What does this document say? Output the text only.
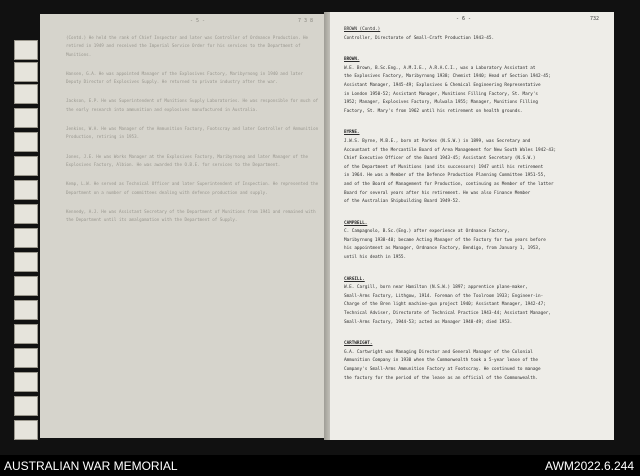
- 5 -	7 3 8

(Contd.) He held the rank of Chief Inspector and later was Controller of Ordnance Production. He retired in 1949 and received the Imperial Service Order for his services to the Department of Munitions.

Hansen, G.A. He was appointed Manager of the Explosives Factory, Maribyrnong in 1940 and later Deputy Director of Explosives Supply. He returned to private industry after the war.

Jackson, E.P. He was Superintendent of Munitions Supply Laboratories. He was responsible for much of the early research into ammunition and explosives manufactured in Australia.

Jenkins, W.A. He was Manager of the Ammunition Factory, Footscray and later Controller of Ammunition Production, retiring in 1953.

Jones, J.E. He was Works Manager at the Explosives Factory, Maribyrnong and later Manager of the Explosives Factory, Albion. He was awarded the O.B.E. for services to the Department.

Kemp, L.W. He served as Technical Officer and later Superintendent of Inspection. He represented the Department on a number of committees dealing with defence production and supply.

Kennedy, A.J. He was Assistant Secretary of the Department of Munitions from 1941 and remained with the Department until its amalgamation with the Department of Supply.

- 6 -	732
BROWN (Contd.)
Controller, Directorate of Small-Craft Production 1943-45.
BROWN.
W.E. Brown, B.Sc.Eng., A.M.I.E., A.R.A.C.I., was a Laboratory Assistant at
the Explosives Factory, Maribyrnong 1938; Chemist 1940; Head of Section 1942-45;
Assistant Manager, 1945-49; Explosives & Chemical Engineering Representative
in London 1950-52; Assistant Manager, Munitions Filling Factory, St. Mary's
1952; Manager, Explosives Factory, Mulwala 1955; Manager, Munitions Filling
Factory, St. Mary's from 1962 until his retirement on health grounds.
BYRNE.
J.W.S. Byrne, M.B.E., born at Parkes (N.S.W.) in 1899, was Secretary and
Accountant of the Mercantile Board of Area Management for New South Wales 1942-43;
Chief Executive Officer of the Board 1943-45; Assistant Secretary (N.S.W.)
of the Department of Munitions (and its successors) 1947 until his retirement
in 1964. He was a Member of the Defence Production Planning Committee 1951-55,
and of the Board of Management for Production, continuing as Member of the latter
Board for several years after his retirement. He was also Finance Member
of the Australian Shipbuilding Board 1949-52.
CAMPBELL.
C. Campagnolo, B.Sc.(Eng.) after experience at Ordnance Factory,
Maribyrnong 1938-40; became Acting Manager of the Factory for two years before
his appointment as Manager, Ordnance Factory, Bendigo, from January 1, 1953,
until his death in 1955.
CARGILL.
W.E. Cargill, born near Hamilton (N.S.W.) 1897; apprentice plane-maker,
Small-Arms Factory, Lithgow, 1914. Foreman of the Toolroom 1933; Engineer-in-
Charge of the Bren light machine-gun project 1940; Assistant Manager, 1942-47;
Technical Adviser, Directorate of Technical Practice 1943-44; Assistant Manager,
Small-Arms Factory, 1944-53; acted as Manager 1948-49; died 1953.
CARTWRIGHT.
G.A. Cartwright was Managing Director and General Manager of the Colonial
Ammunition Company in 1930 when the Commonwealth took a 5-year lease of the
Company's Small-Arms Ammunition Factory at Footscray. He continued to manage
the factory for the period of the lease as an official of the Commonwealth.
AUSTRALIAN WAR MEMORIAL	AWM2022.6.244
